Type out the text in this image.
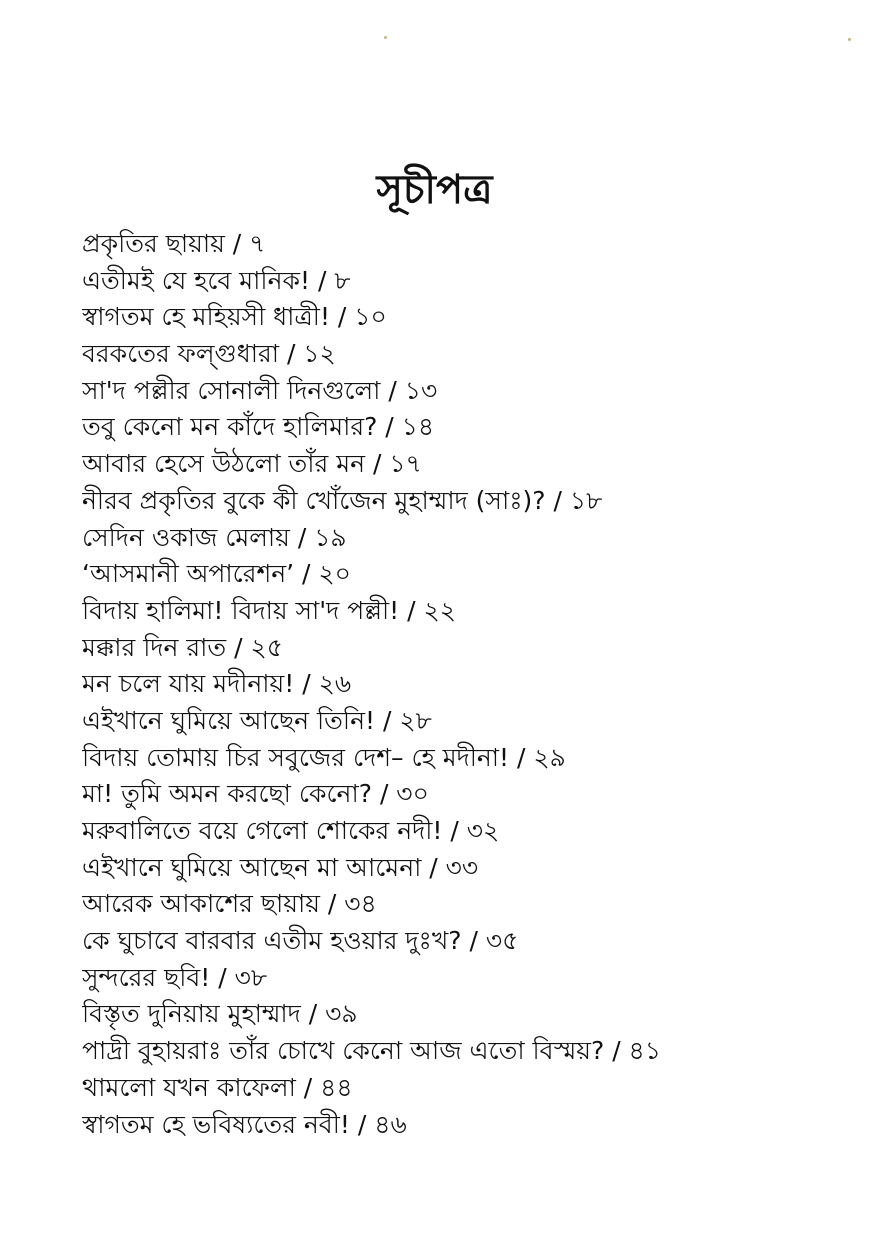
সূচীপত্র
প্রকৃতির ছায়ায় / ৭
এতীমই যে হবে মানিক! / ৮
স্বাগতম হে মহিয়সী ধাত্রী! / ১০
বরকতের ফল্গুধারা / ১২
সা'দ পল্লীর সোনালী দিনগুলো / ১৩
তবু কেনো মন কাঁদে হালিমার? / ১৪
আবার হেসে উঠলো তাঁর মন / ১৭
নীরব প্রকৃতির বুকে কী খোঁজেন মুহাম্মাদ (সাঃ)? / ১৮
সেদিন ওকাজ মেলায় / ১৯
‘আসমানী অপারেশন’ / ২০
বিদায় হালিমা! বিদায় সা'দ পল্লী! / ২২
মক্কার দিন রাত / ২৫
মন চলে যায় মদীনায়! / ২৬
এইখানে ঘুমিয়ে আছেন তিনি! / ২৮
বিদায় তোমায় চির সবুজের দেশ– হে মদীনা! / ২৯
মা! তুমি অমন করছো কেনো? / ৩০
মরুবালিতে বয়ে গেলো শোকের নদী! / ৩২
এইখানে ঘুমিয়ে আছেন মা আমেনা / ৩৩
আরেক আকাশের ছায়ায় / ৩৪
কে ঘুচাবে বারবার এতীম হওয়ার দুঃখ? / ৩৫
সুন্দরের ছবি! / ৩৮
বিস্তৃত দুনিয়ায় মুহাম্মাদ / ৩৯
পাদ্রী বুহায়রাঃ তাঁর চোখে কেনো আজ এতো বিস্ময়? / ৪১
থামলো যখন কাফেলা / ৪৪
স্বাগতম হে ভবিষ্যতের নবী! / ৪৬
